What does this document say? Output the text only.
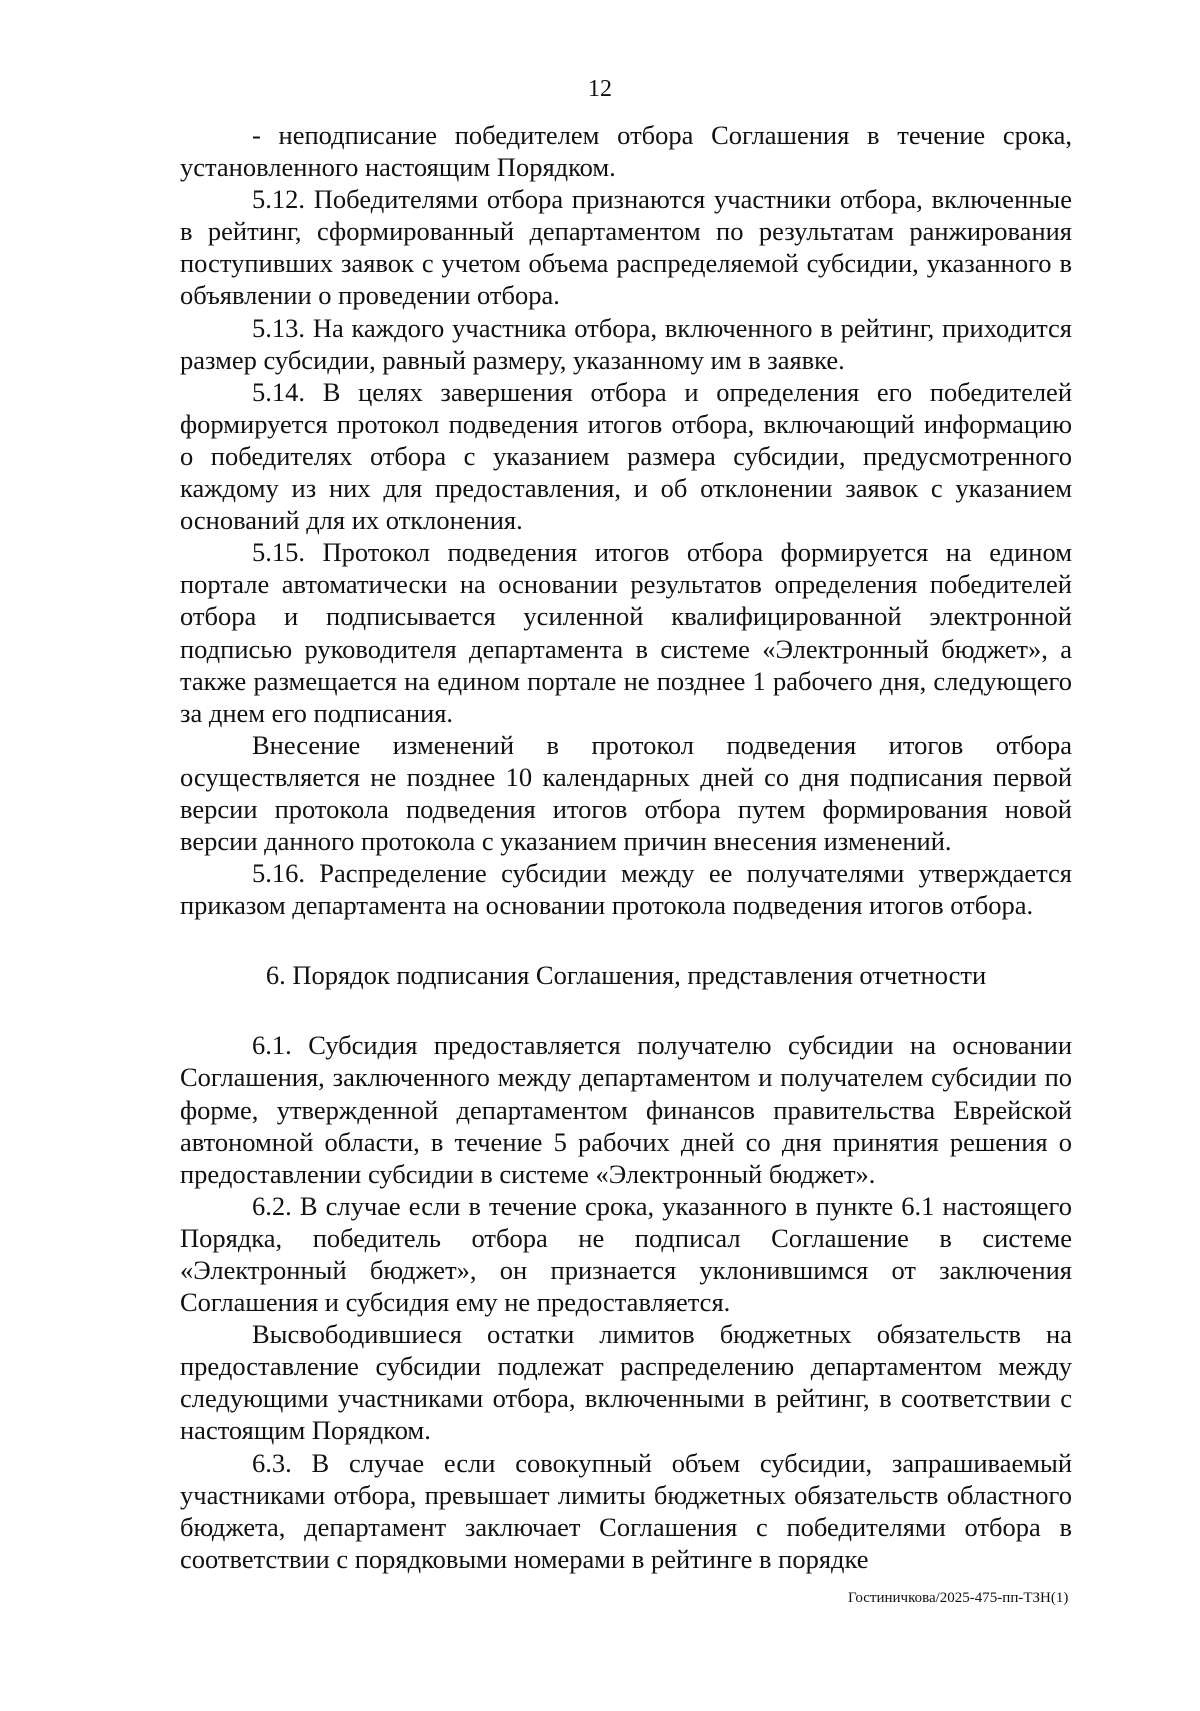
12

- неподписание победителем отбора Соглашения в течение срока, установленного настоящим Порядком.

5.12. Победителями отбора признаются участники отбора, включенные в рейтинг, сформированный департаментом по результатам ранжирования поступивших заявок с учетом объема распределяемой субсидии, указанного в объявлении о проведении отбора.

5.13. На каждого участника отбора, включенного в рейтинг, приходится размер субсидии, равный размеру, указанному им в заявке.

5.14. В целях завершения отбора и определения его победителей формируется протокол подведения итогов отбора, включающий информацию о победителях отбора с указанием размера субсидии, предусмотренного каждому из них для предоставления, и об отклонении заявок с указанием оснований для их отклонения.

5.15. Протокол подведения итогов отбора формируется на едином портале автоматически на основании результатов определения победителей отбора и подписывается усиленной квалифицированной электронной подписью руководителя департамента в системе «Электронный бюджет», а также размещается на едином портале не позднее 1 рабочего дня, следующего за днем его подписания.

Внесение изменений в протокол подведения итогов отбора осуществляется не позднее 10 календарных дней со дня подписания первой версии протокола подведения итогов отбора путем формирования новой версии данного протокола с указанием причин внесения изменений.

5.16. Распределение субсидии между ее получателями утверждается приказом департамента на основании протокола подведения итогов отбора.

6. Порядок подписания Соглашения, представления отчетности

6.1. Субсидия предоставляется получателю субсидии на основании Соглашения, заключенного между департаментом и получателем субсидии по форме, утвержденной департаментом финансов правительства Еврейской автономной области, в течение 5 рабочих дней со дня принятия решения о предоставлении субсидии в системе «Электронный бюджет».

6.2. В случае если в течение срока, указанного в пункте 6.1 настоящего Порядка, победитель отбора не подписал Соглашение в системе «Электронный бюджет», он признается уклонившимся от заключения Соглашения и субсидия ему не предоставляется.

Высвободившиеся остатки лимитов бюджетных обязательств на предоставление субсидии подлежат распределению департаментом между следующими участниками отбора, включенными в рейтинг, в соответствии с настоящим Порядком.

6.3. В случае если совокупный объем субсидии, запрашиваемый участниками отбора, превышает лимиты бюджетных обязательств областного бюджета, департамент заключает Соглашения с победителями отбора в соответствии с порядковыми номерами в рейтинге в порядке

Гостиничкова/2025-475-пп-ТЗН(1)
